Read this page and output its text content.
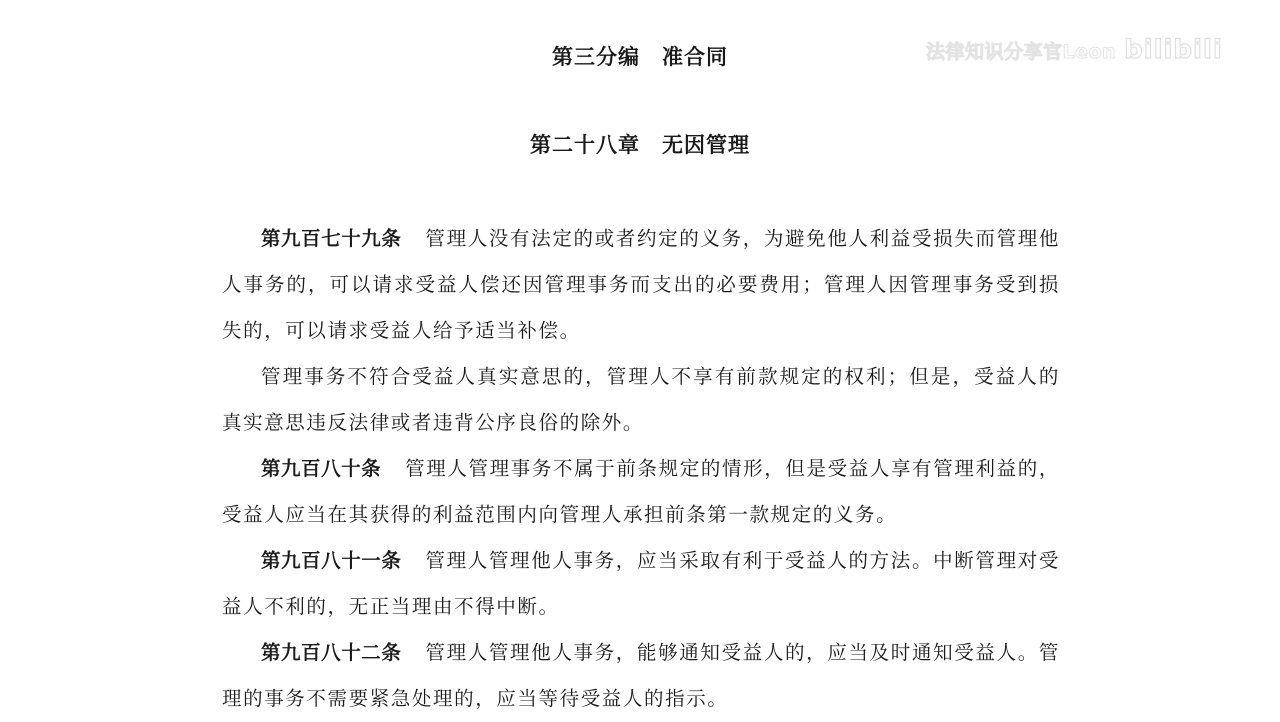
第三分编　准合同
第二十八章　无因管理

第九百七十九条 管理人没有法定的或者约定的义务，为避免他人利益受损失而管理他人事务的，可以请求受益人偿还因管理事务而支出的必要费用；管理人因管理事务受到损失的，可以请求受益人给予适当补偿。

管理事务不符合受益人真实意思的，管理人不享有前款规定的权利；但是，受益人的真实意思违反法律或者违背公序良俗的除外。

第九百八十条 管理人管理事务不属于前条规定的情形，但是受益人享有管理利益的，受益人应当在其获得的利益范围内向管理人承担前条第一款规定的义务。

第九百八十一条 管理人管理他人事务，应当采取有利于受益人的方法。中断管理对受益人不利的，无正当理由不得中断。

第九百八十二条 管理人管理他人事务，能够通知受益人的，应当及时通知受益人。管理的事务不需要紧急处理的，应当等待受益人的指示。

法律知识分享官Leon bilibili
